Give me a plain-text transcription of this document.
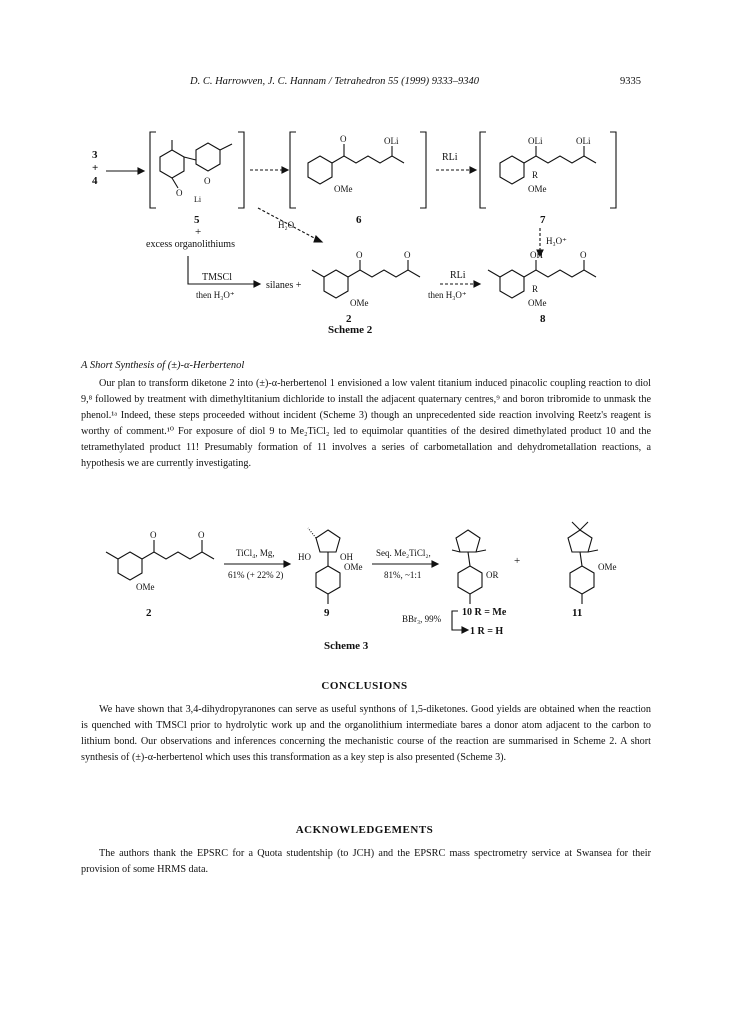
D. C. Harrowven, J. C. Hannam / Tetrahedron 55 (1999) 9333–9340	9335
3
+
4	O
O
Li
5
+
excess organolithiums
O	OLi
OMe
6
RLi
OLi	OLi
R
OMe
7
H₂O
H₃O⁺
TMSCl
then H₃O⁺
silanes +
O	O
OMe
2
RLi
then H₃O⁺
OH	O
R
OMe
8
Scheme 2
A Short Synthesis of (±)-α-Herbertenol

Our plan to transform diketone 2 into (±)-α-herbertenol 1 envisioned a low valent titanium induced pinacolic coupling reaction to diol 9,⁸ followed by treatment with dimethyltitanium dichloride to install the adjacent quaternary centres,⁹ and boron tribromide to unmask the phenol.¹ᵃ Indeed, these steps proceeded without incident (Scheme 3) though an unprecedented side reaction involving Reetz's reagent is worthy of comment.¹⁰ For exposure of diol 9 to Me₂TiCl₂ led to equimolar quantities of the desired dimethylated product 10 and the tetramethylated product 11! Presumably formation of 11 involves a series of carbometallation and dehydrometallation reactions, a hypothesis we are currently investigating.

O	O
OMe
2
TiCl₄, Mg,
61% (+ 22% 2)
HO	OH
OMe
9
Seq. Me₂TiCl₂,
81%, ~1:1	OR
+	OMe
11
BBr₃, 99%
10 R = Me
1 R = H
Scheme 3
CONCLUSIONS

We have shown that 3,4-dihydropyranones can serve as useful synthons of 1,5-diketones. Good yields are obtained when the reaction is quenched with TMSCl prior to hydrolytic work up and the organolithium intermediate bares a donor atom adjacent to the carbon to lithium bond. Our observations and inferences concerning the mechanistic course of the reaction are summarised in Scheme 2. A short synthesis of (±)-α-herbertenol which uses this transformation as a key step is also presented (Scheme 3).

ACKNOWLEDGEMENTS

The authors thank the EPSRC for a Quota studentship (to JCH) and the EPSRC mass spectrometry service at Swansea for their provision of some HRMS data.
